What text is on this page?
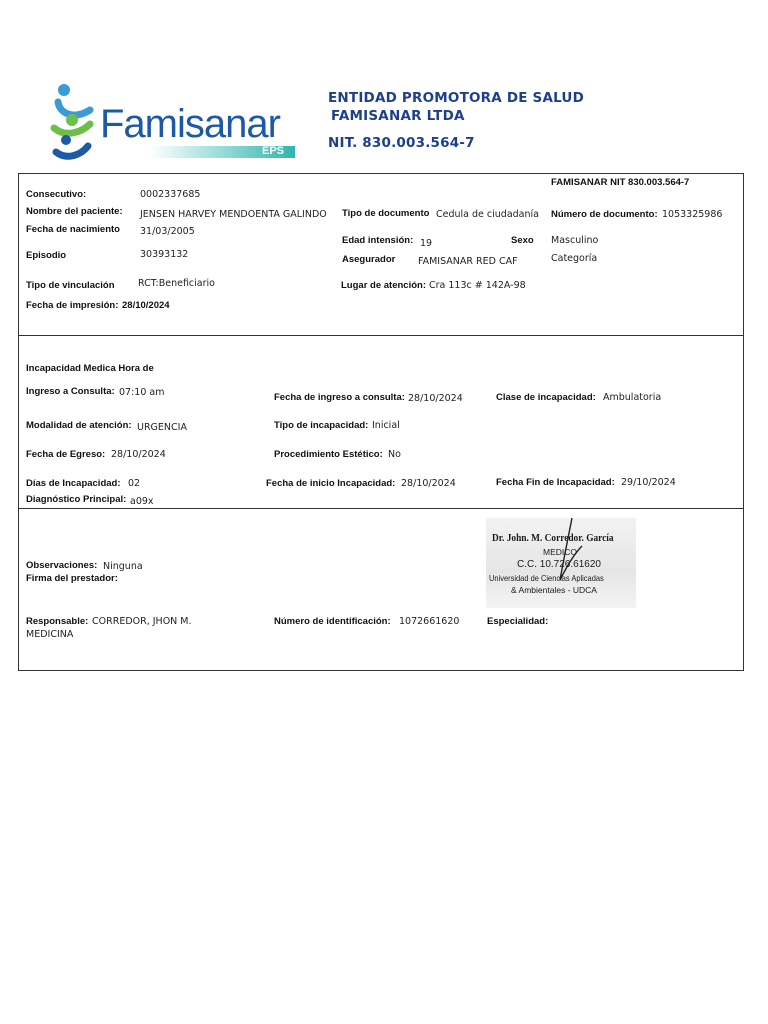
Famisanar
EPS
ENTIDAD PROMOTORA DE SALUD
FAMISANAR LTDA
NIT. 830.003.564-7
FAMISANAR NIT 830.003.564-7
Consecutivo:	0002337685
Nombre del paciente: JENSEN HARVEY MENDOENTA GALINDO Tipo de documento Cedula de ciudadanía Número de documento: 1053325986
Fecha de nacimiento 31/03/2005
Edad intensión: 19	Sexo Masculino
Episodio	30393132	Asegurador FAMISANAR RED CAF	Categoría
Tipo de vinculación RCT:Beneficiario	Lugar de atención: Cra 113c # 142A-98
Fecha de impresión: 28/10/2024
Incapacidad Medica Hora de
Ingreso a Consulta: 07:10 am	Fecha de ingreso a consulta: 28/10/2024	Clase de incapacidad: Ambulatoria
Modalidad de atención: URGENCIA	Tipo de incapacidad: Inicial
Fecha de Egreso: 28/10/2024	Procedimiento Estético: No
Días de Incapacidad: 02	Fecha de inicio Incapacidad: 28/10/2024	Fecha Fin de Incapacidad: 29/10/2024
Diagnóstico Principal: a09x
Observaciones: Ninguna
Firma del prestador:
Responsable: CORREDOR, JHON M.
MEDICINA
Número de identificación: 1072661620	Especialidad:
Dr. John. M. Corredor. García
MEDICO
C.C. 10.726.61620
Universidad de Ciencias Aplicadas
& Ambientales - UDCA
